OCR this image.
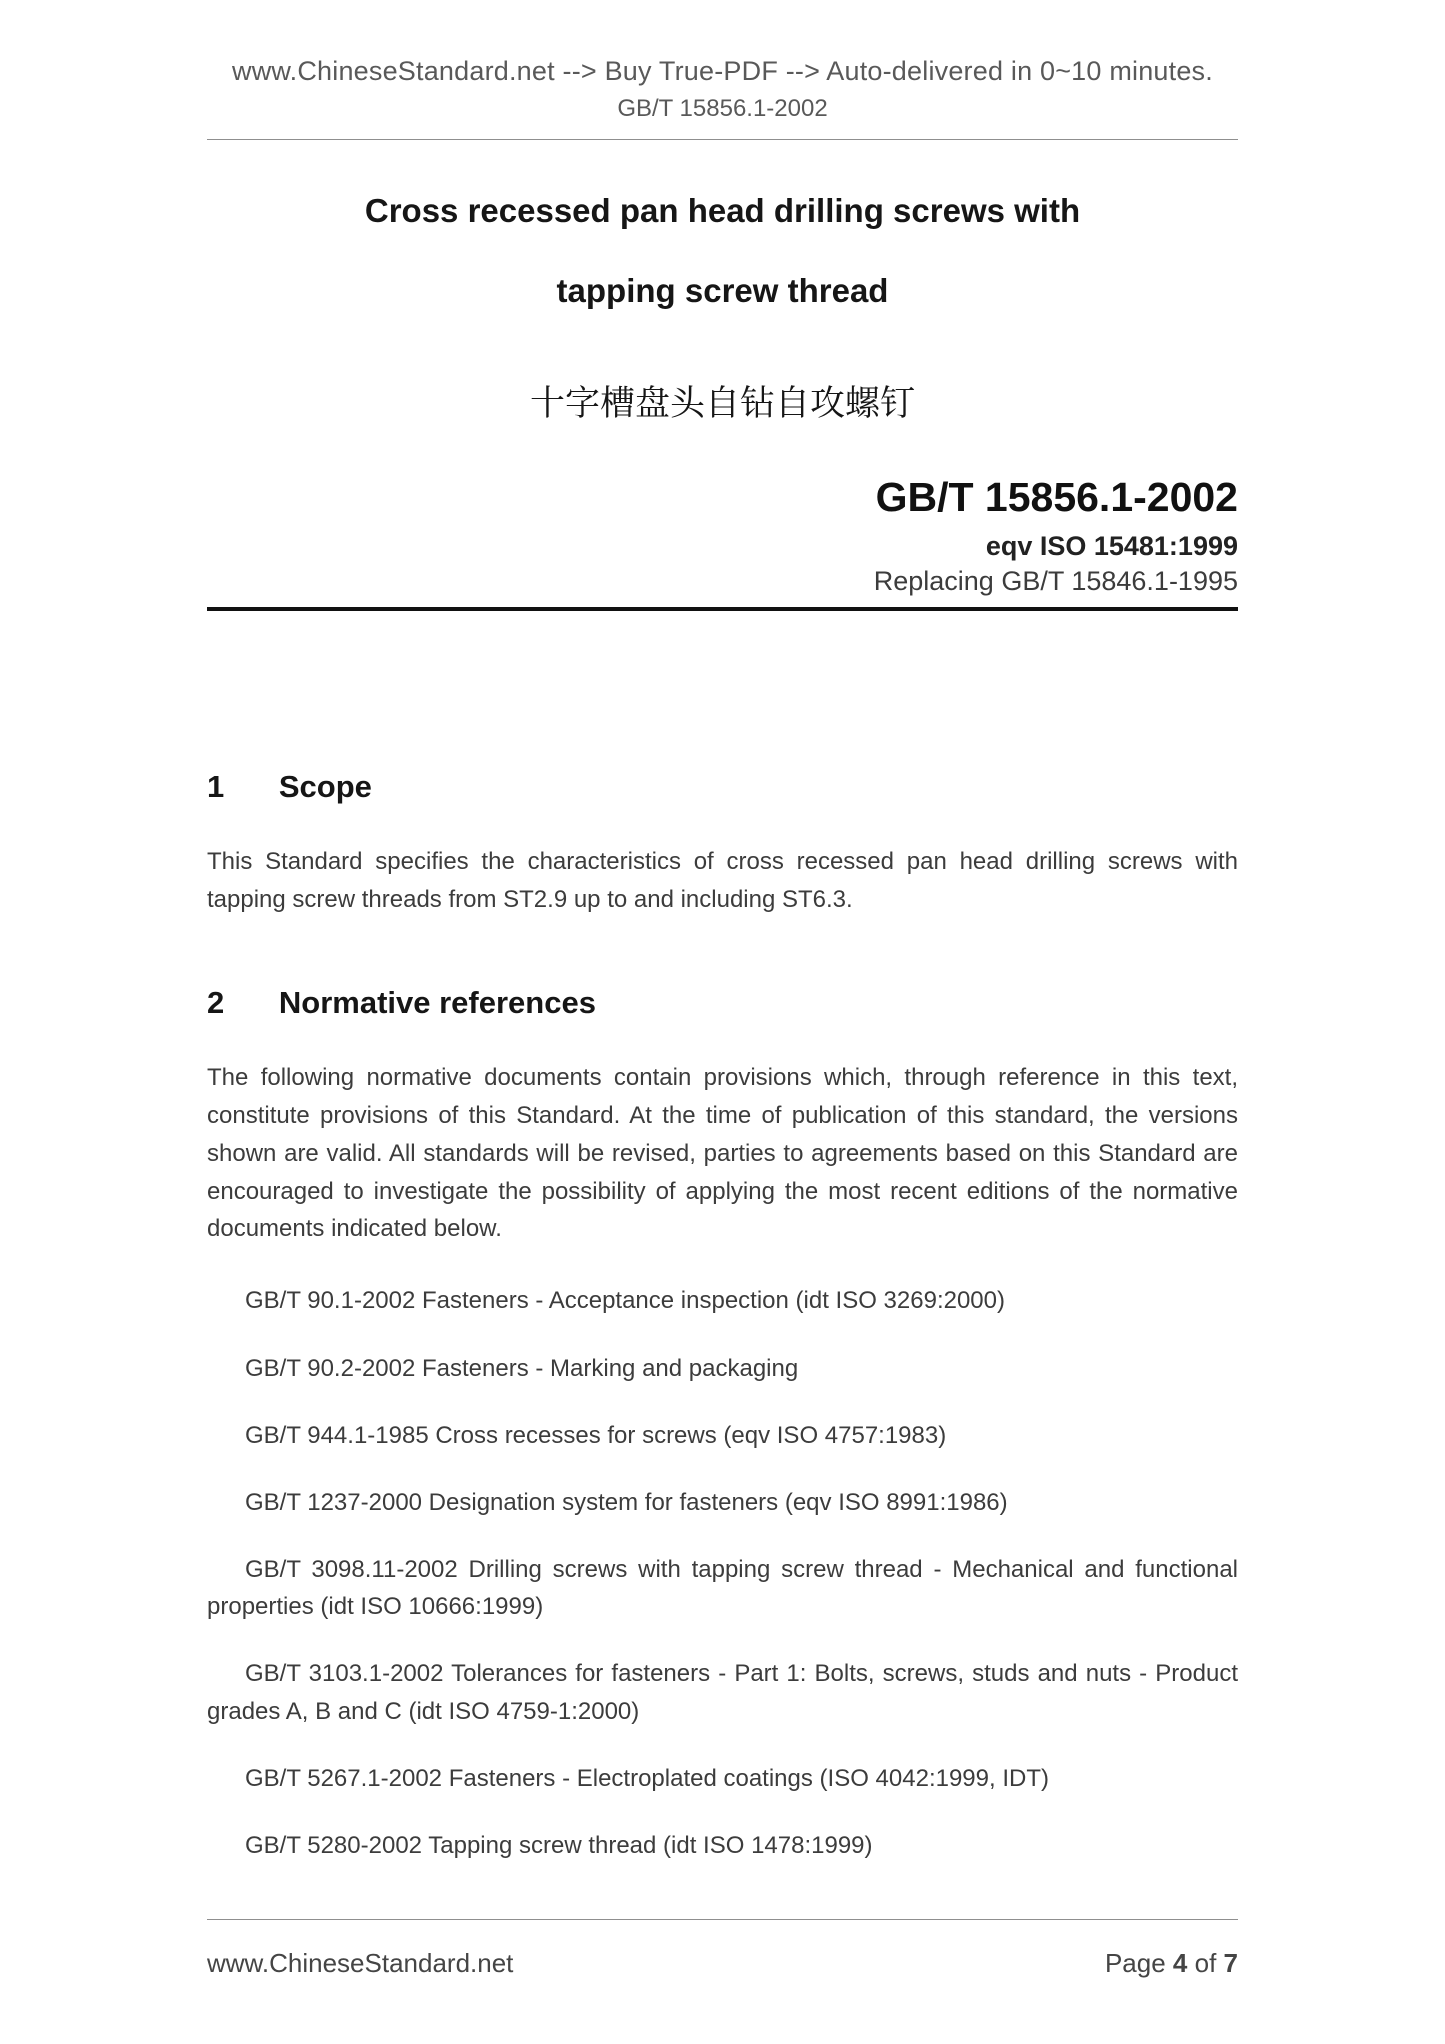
www.ChineseStandard.net --> Buy True-PDF --> Auto-delivered in 0~10 minutes.
GB/T 15856.1-2002
Cross recessed pan head drilling screws with
tapping screw thread
十字槽盘头自钻自攻螺钉
GB/T 15856.1-2002
eqv ISO 15481:1999
Replacing GB/T 15846.1-1995
1 Scope

This Standard specifies the characteristics of cross recessed pan head drilling screws with tapping screw threads from ST2.9 up to and including ST6.3.

2 Normative references

The following normative documents contain provisions which, through reference in this text, constitute provisions of this Standard. At the time of publication of this standard, the versions shown are valid. All standards will be revised, parties to agreements based on this Standard are encouraged to investigate the possibility of applying the most recent editions of the normative documents indicated below.

GB/T 90.1-2002 Fasteners - Acceptance inspection (idt ISO 3269:2000)

GB/T 90.2-2002 Fasteners - Marking and packaging

GB/T 944.1-1985 Cross recesses for screws (eqv ISO 4757:1983)

GB/T 1237-2000 Designation system for fasteners (eqv ISO 8991:1986)

GB/T 3098.11-2002 Drilling screws with tapping screw thread - Mechanical and functional properties (idt ISO 10666:1999)

GB/T 3103.1-2002 Tolerances for fasteners - Part 1: Bolts, screws, studs and nuts - Product grades A, B and C (idt ISO 4759-1:2000)

GB/T 5267.1-2002 Fasteners - Electroplated coatings (ISO 4042:1999, IDT)

GB/T 5280-2002 Tapping screw thread (idt ISO 1478:1999)

www.ChineseStandard.net	Page 4 of 7
